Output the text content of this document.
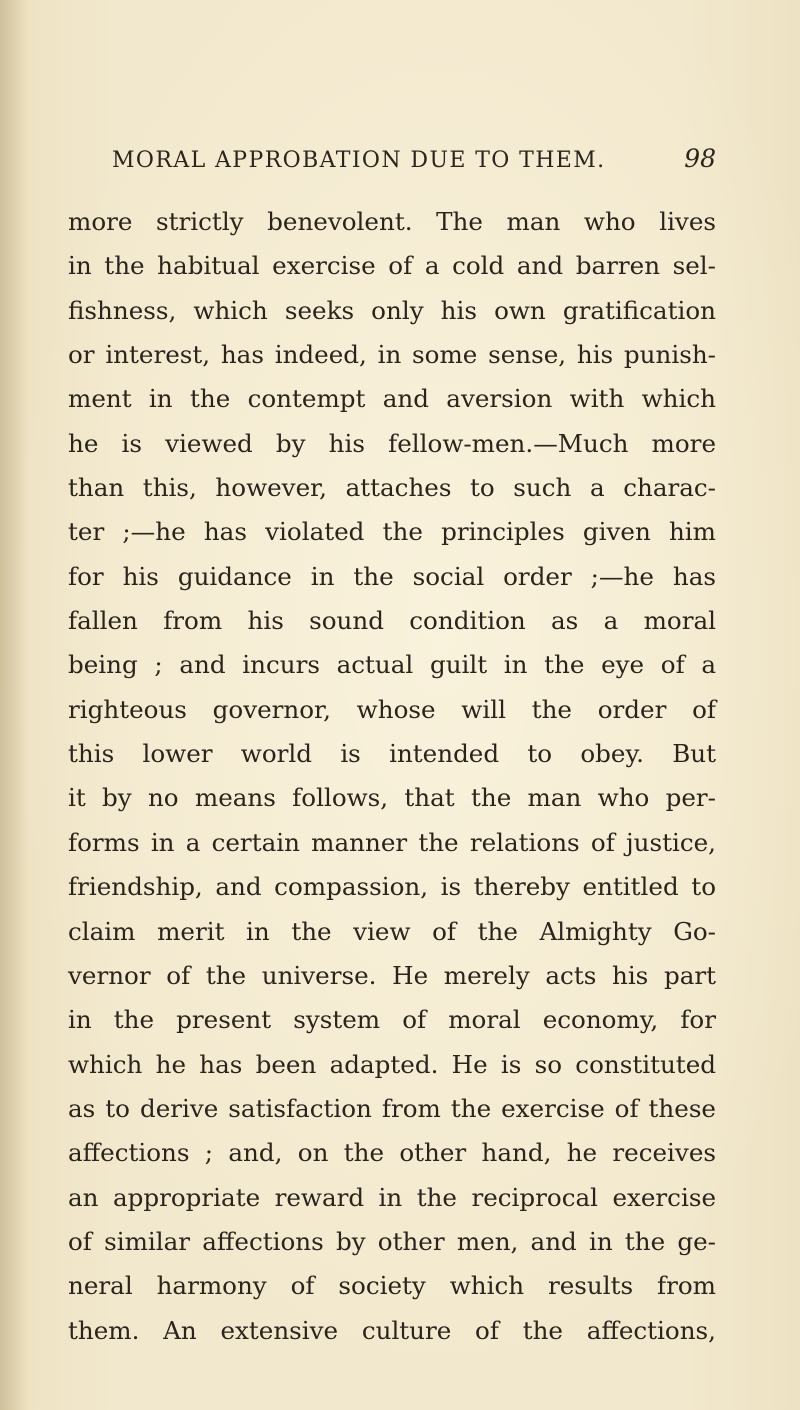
MORAL APPROBATION DUE TO THEM.	98
more strictly benevolent. The man who lives
in the habitual exercise of a cold and barren sel-
fishness, which seeks only his own gratification
or interest, has indeed, in some sense, his punish-
ment in the contempt and aversion with which
he is viewed by his fellow-men.—Much more
than this, however, attaches to such a charac-
ter ;—he has violated the principles given him
for his guidance in the social order ;—he has
fallen from his sound condition as a moral
being ; and incurs actual guilt in the eye of a
righteous governor, whose will the order of
this lower world is intended to obey. But
it by no means follows, that the man who per-
forms in a certain manner the relations of justice,
friendship, and compassion, is thereby entitled to
claim merit in the view of the Almighty Go-
vernor of the universe. He merely acts his part
in the present system of moral economy, for
which he has been adapted. He is so constituted
as to derive satisfaction from the exercise of these
affections ; and, on the other hand, he receives
an appropriate reward in the reciprocal exercise
of similar affections by other men, and in the ge-
neral harmony of society which results from
them. An extensive culture of the affections,
